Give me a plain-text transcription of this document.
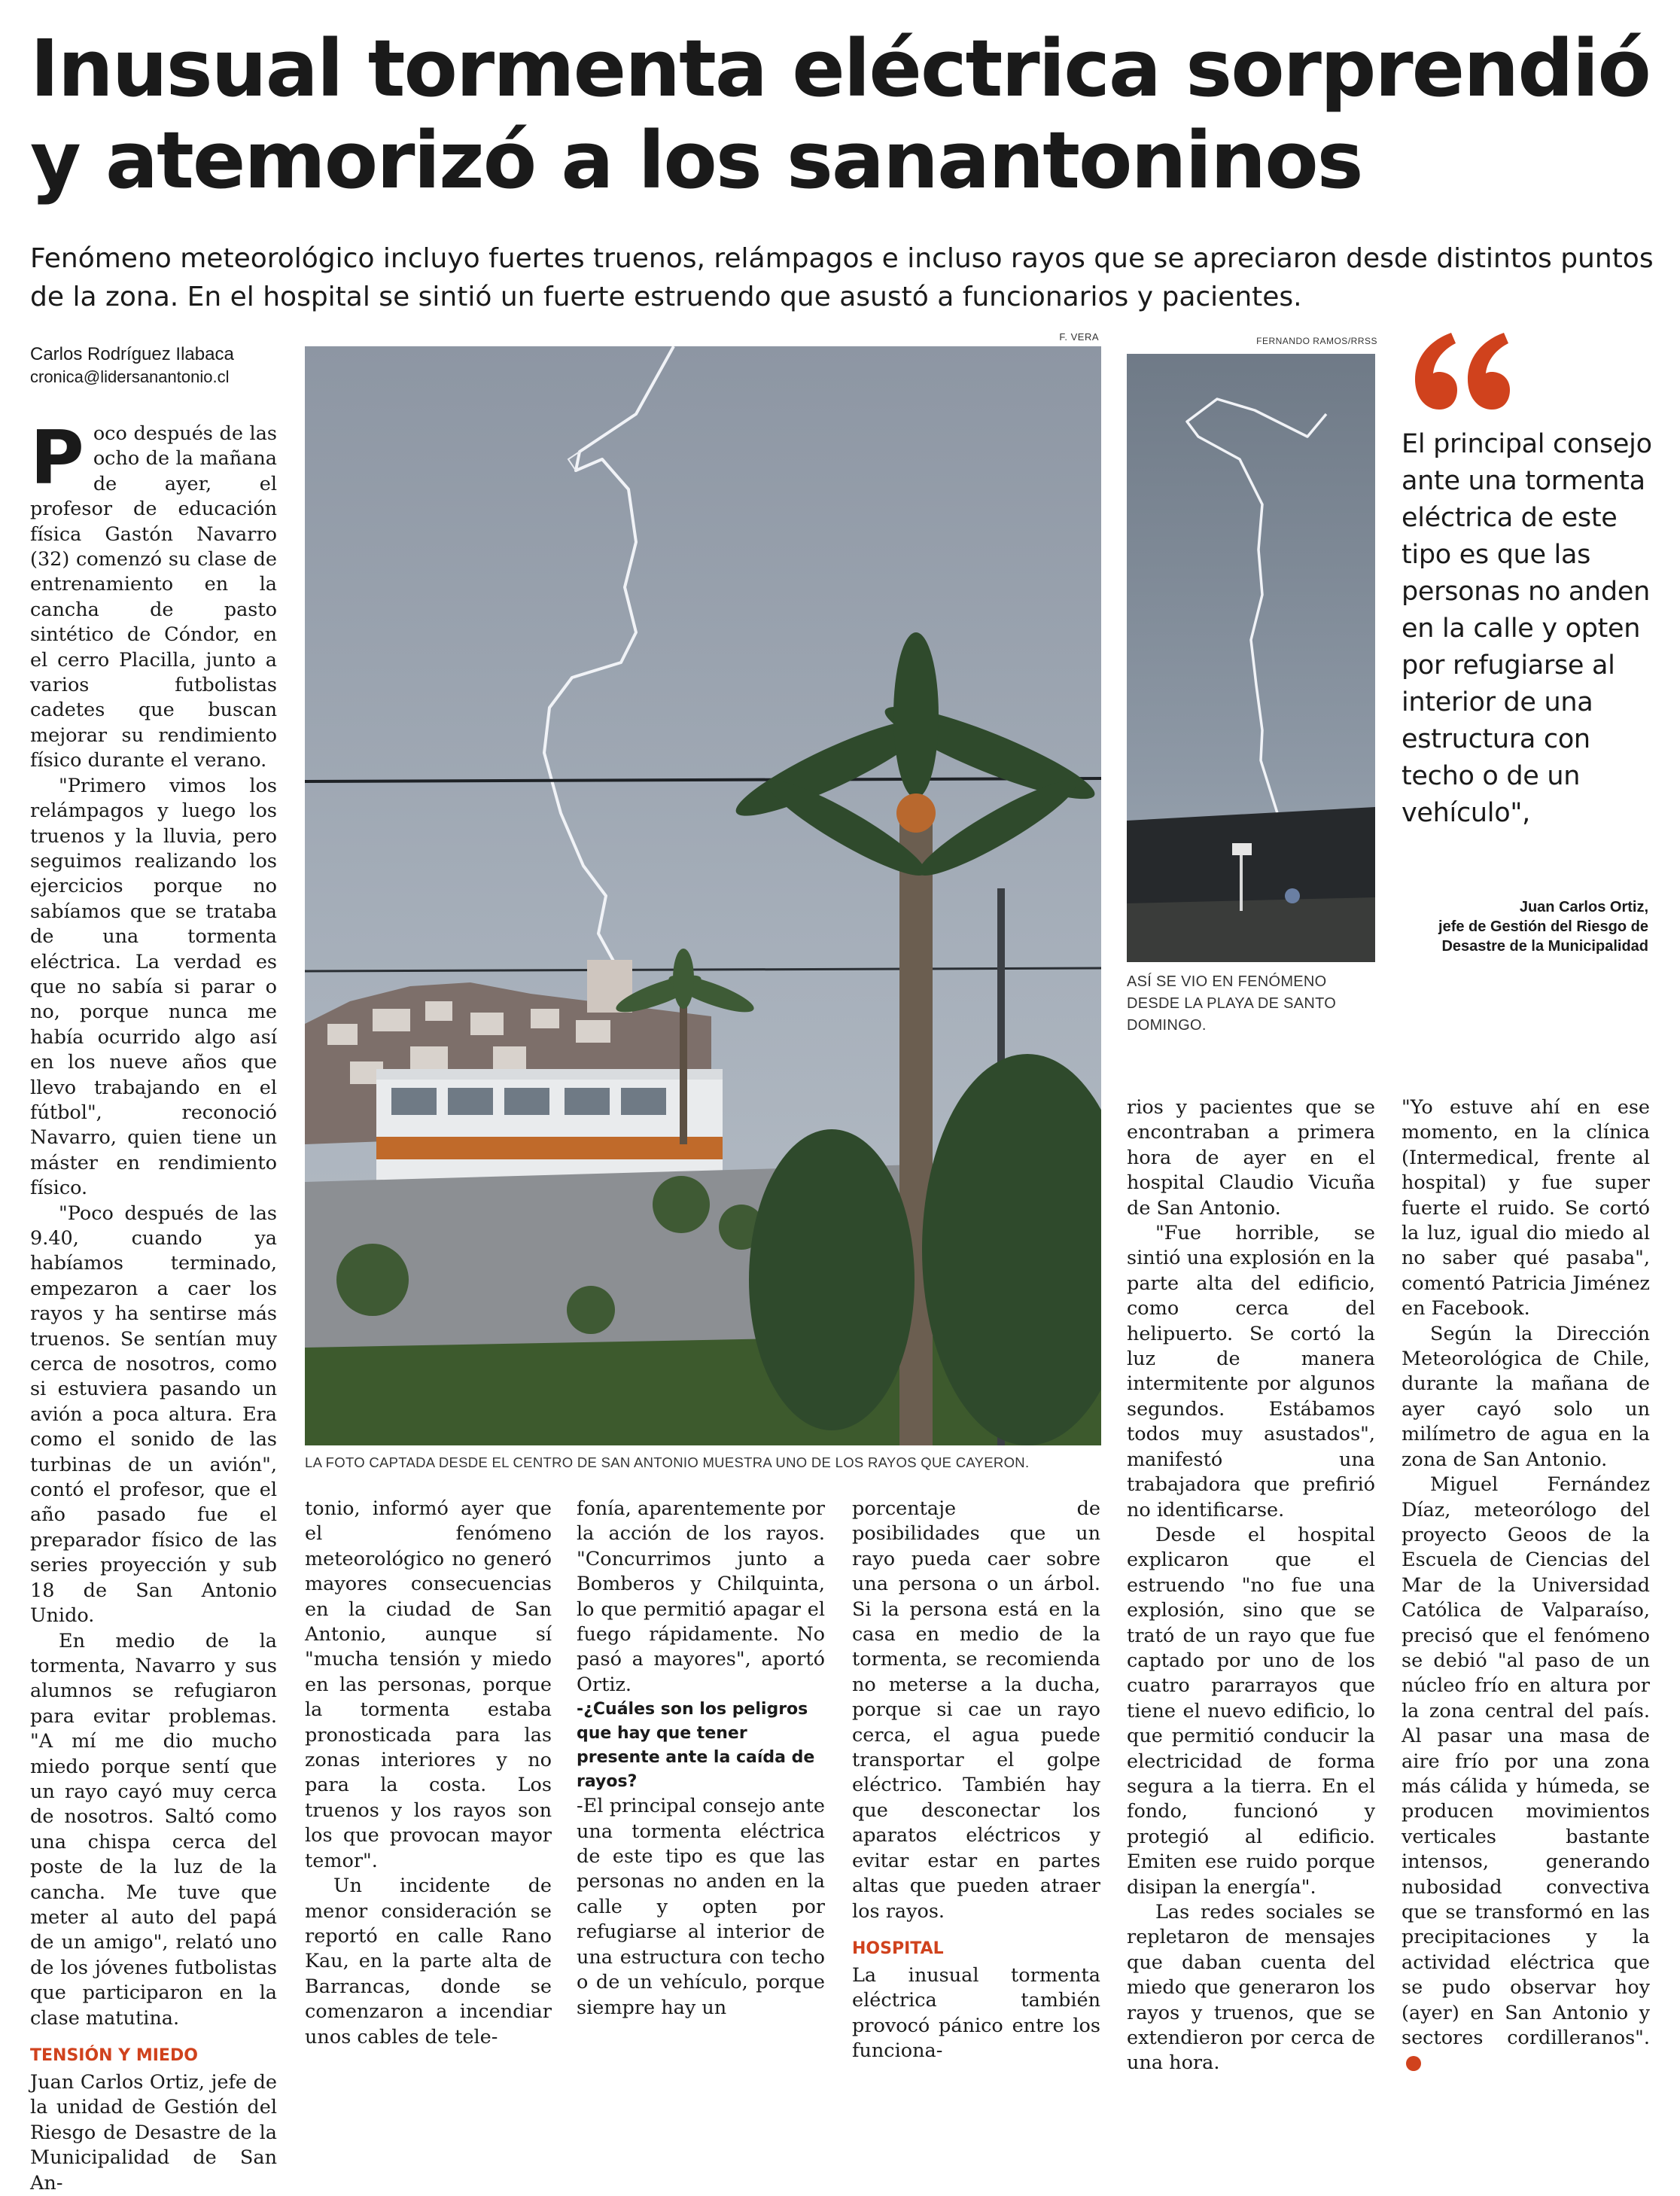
Inusual tormenta eléctrica sorprendió
y atemorizó a los sanantoninos

Fenómeno meteorológico incluyo fuertes truenos, relámpagos e incluso rayos que se apreciaron desde distintos puntos de la zona. En el hospital se sintió un fuerte estruendo que asustó a funcionarios y pacientes.

Carlos Rodríguez Ilabaca
cronica@lidersanantonio.cl
F. VERA
LA FOTO CAPTADA DESDE EL CENTRO DE SAN ANTONIO MUESTRA UNO DE LOS RAYOS QUE CAYERON.
FERNANDO RAMOS/RRSS
ASÍ SE VIO EN FENÓMENO DESDE LA PLAYA DE SANTO DOMINGO.

El principal consejo ante una tormenta eléctrica de este tipo es que las personas no anden en la calle y opten por refugiarse al interior de una estructura con techo o de un vehículo",

Juan Carlos Ortiz,
jefe de Gestión del Riesgo de Desastre de la Municipalidad

Poco después de las ocho de la mañana de ayer, el profesor de educación física Gastón Navarro (32) comenzó su clase de entrenamiento en la cancha de pasto sintético de Cóndor, en el cerro Placilla, junto a varios futbolistas cadetes que buscan mejorar su rendimiento físico durante el verano.

"Primero vimos los relámpagos y luego los truenos y la lluvia, pero seguimos realizando los ejercicios porque no sabíamos que se trataba de una tormenta eléctrica. La verdad es que no sabía si parar o no, porque nunca me había ocurrido algo así en los nueve años que llevo trabajando en el fútbol", reconoció Navarro, quien tiene un máster en rendimiento físico.

"Poco después de las 9.40, cuando ya habíamos terminado, empezaron a caer los rayos y ha sentirse más truenos. Se sentían muy cerca de nosotros, como si estuviera pasando un avión a poca altura. Era como el sonido de las turbinas de un avión", contó el profesor, que el año pasado fue el preparador físico de las series proyección y sub 18 de San Antonio Unido.

En medio de la tormenta, Navarro y sus alumnos se refugiaron para evitar problemas. "A mí me dio mucho miedo porque sentí que un rayo cayó muy cerca de nosotros. Saltó como una chispa cerca del poste de la luz de la cancha. Me tuve que meter al auto del papá de un amigo", relató uno de los jóvenes futbolistas que participaron en la clase matutina.

TENSIÓN Y MIEDO

Juan Carlos Ortiz, jefe de la unidad de Gestión del Riesgo de Desastre de la Municipalidad de San An-

tonio, informó ayer que el fenómeno meteorológico no generó mayores consecuencias en la ciudad de San Antonio, aunque sí "mucha tensión y miedo en las personas, porque la tormenta estaba pronosticada para las zonas interiores y no para la costa. Los truenos y los rayos son los que provocan mayor temor".

Un incidente de menor consideración se reportó en calle Rano Kau, en la parte alta de Barrancas, donde se comenzaron a incendiar unos cables de tele-

fonía, aparentemente por la acción de los rayos. "Concurrimos junto a Bomberos y Chilquinta, lo que permitió apagar el fuego rápidamente. No pasó a mayores", aportó Ortiz.

-¿Cuáles son los peligros que hay que tener presente ante la caída de rayos?

-El principal consejo ante una tormenta eléctrica de este tipo es que las personas no anden en la calle y opten por refugiarse al interior de una estructura con techo o de un vehículo, porque siempre hay un

porcentaje de posibilidades que un rayo pueda caer sobre una persona o un árbol. Si la persona está en la casa en medio de la tormenta, se recomienda no meterse a la ducha, porque si cae un rayo cerca, el agua puede transportar el golpe eléctrico. También hay que desconectar los aparatos eléctricos y evitar estar en partes altas que pueden atraer los rayos.

HOSPITAL

La inusual tormenta eléctrica también provocó pánico entre los funciona-

rios y pacientes que se encontraban a primera hora de ayer en el hospital Claudio Vicuña de San Antonio.

"Fue horrible, se sintió una explosión en la parte alta del edificio, como cerca del helipuerto. Se cortó la luz de manera intermitente por algunos segundos. Estábamos todos muy asustados", manifestó una trabajadora que prefirió no identificarse.

Desde el hospital explicaron que el estruendo "no fue una explosión, sino que se trató de un rayo que fue captado por uno de los cuatro pararrayos que tiene el nuevo edificio, lo que permitió conducir la electricidad de forma segura a la tierra. En el fondo, funcionó y protegió al edificio. Emiten ese ruido porque disipan la energía".

Las redes sociales se repletaron de mensajes que daban cuenta del miedo que generaron los rayos y truenos, que se extendieron por cerca de una hora.

"Yo estuve ahí en ese momento, en la clínica (Intermedical, frente al hospital) y fue super fuerte el ruido. Se cortó la luz, igual dio miedo al no saber qué pasaba", comentó Patricia Jiménez en Facebook.

Según la Dirección Meteorológica de Chile, durante la mañana de ayer cayó solo un milímetro de agua en la zona de San Antonio.

Miguel Fernández Díaz, meteorólogo del proyecto Geoos de la Escuela de Ciencias del Mar de la Universidad Católica de Valparaíso, precisó que el fenómeno se debió "al paso de un núcleo frío en altura por la zona central del país. Al pasar una masa de aire frío por una zona más cálida y húmeda, se producen movimientos verticales bastante intensos, generando nubosidad convectiva que se transformó en las precipitaciones y la actividad eléctrica que se pudo observar hoy (ayer) en San Antonio y sectores cordilleranos".
